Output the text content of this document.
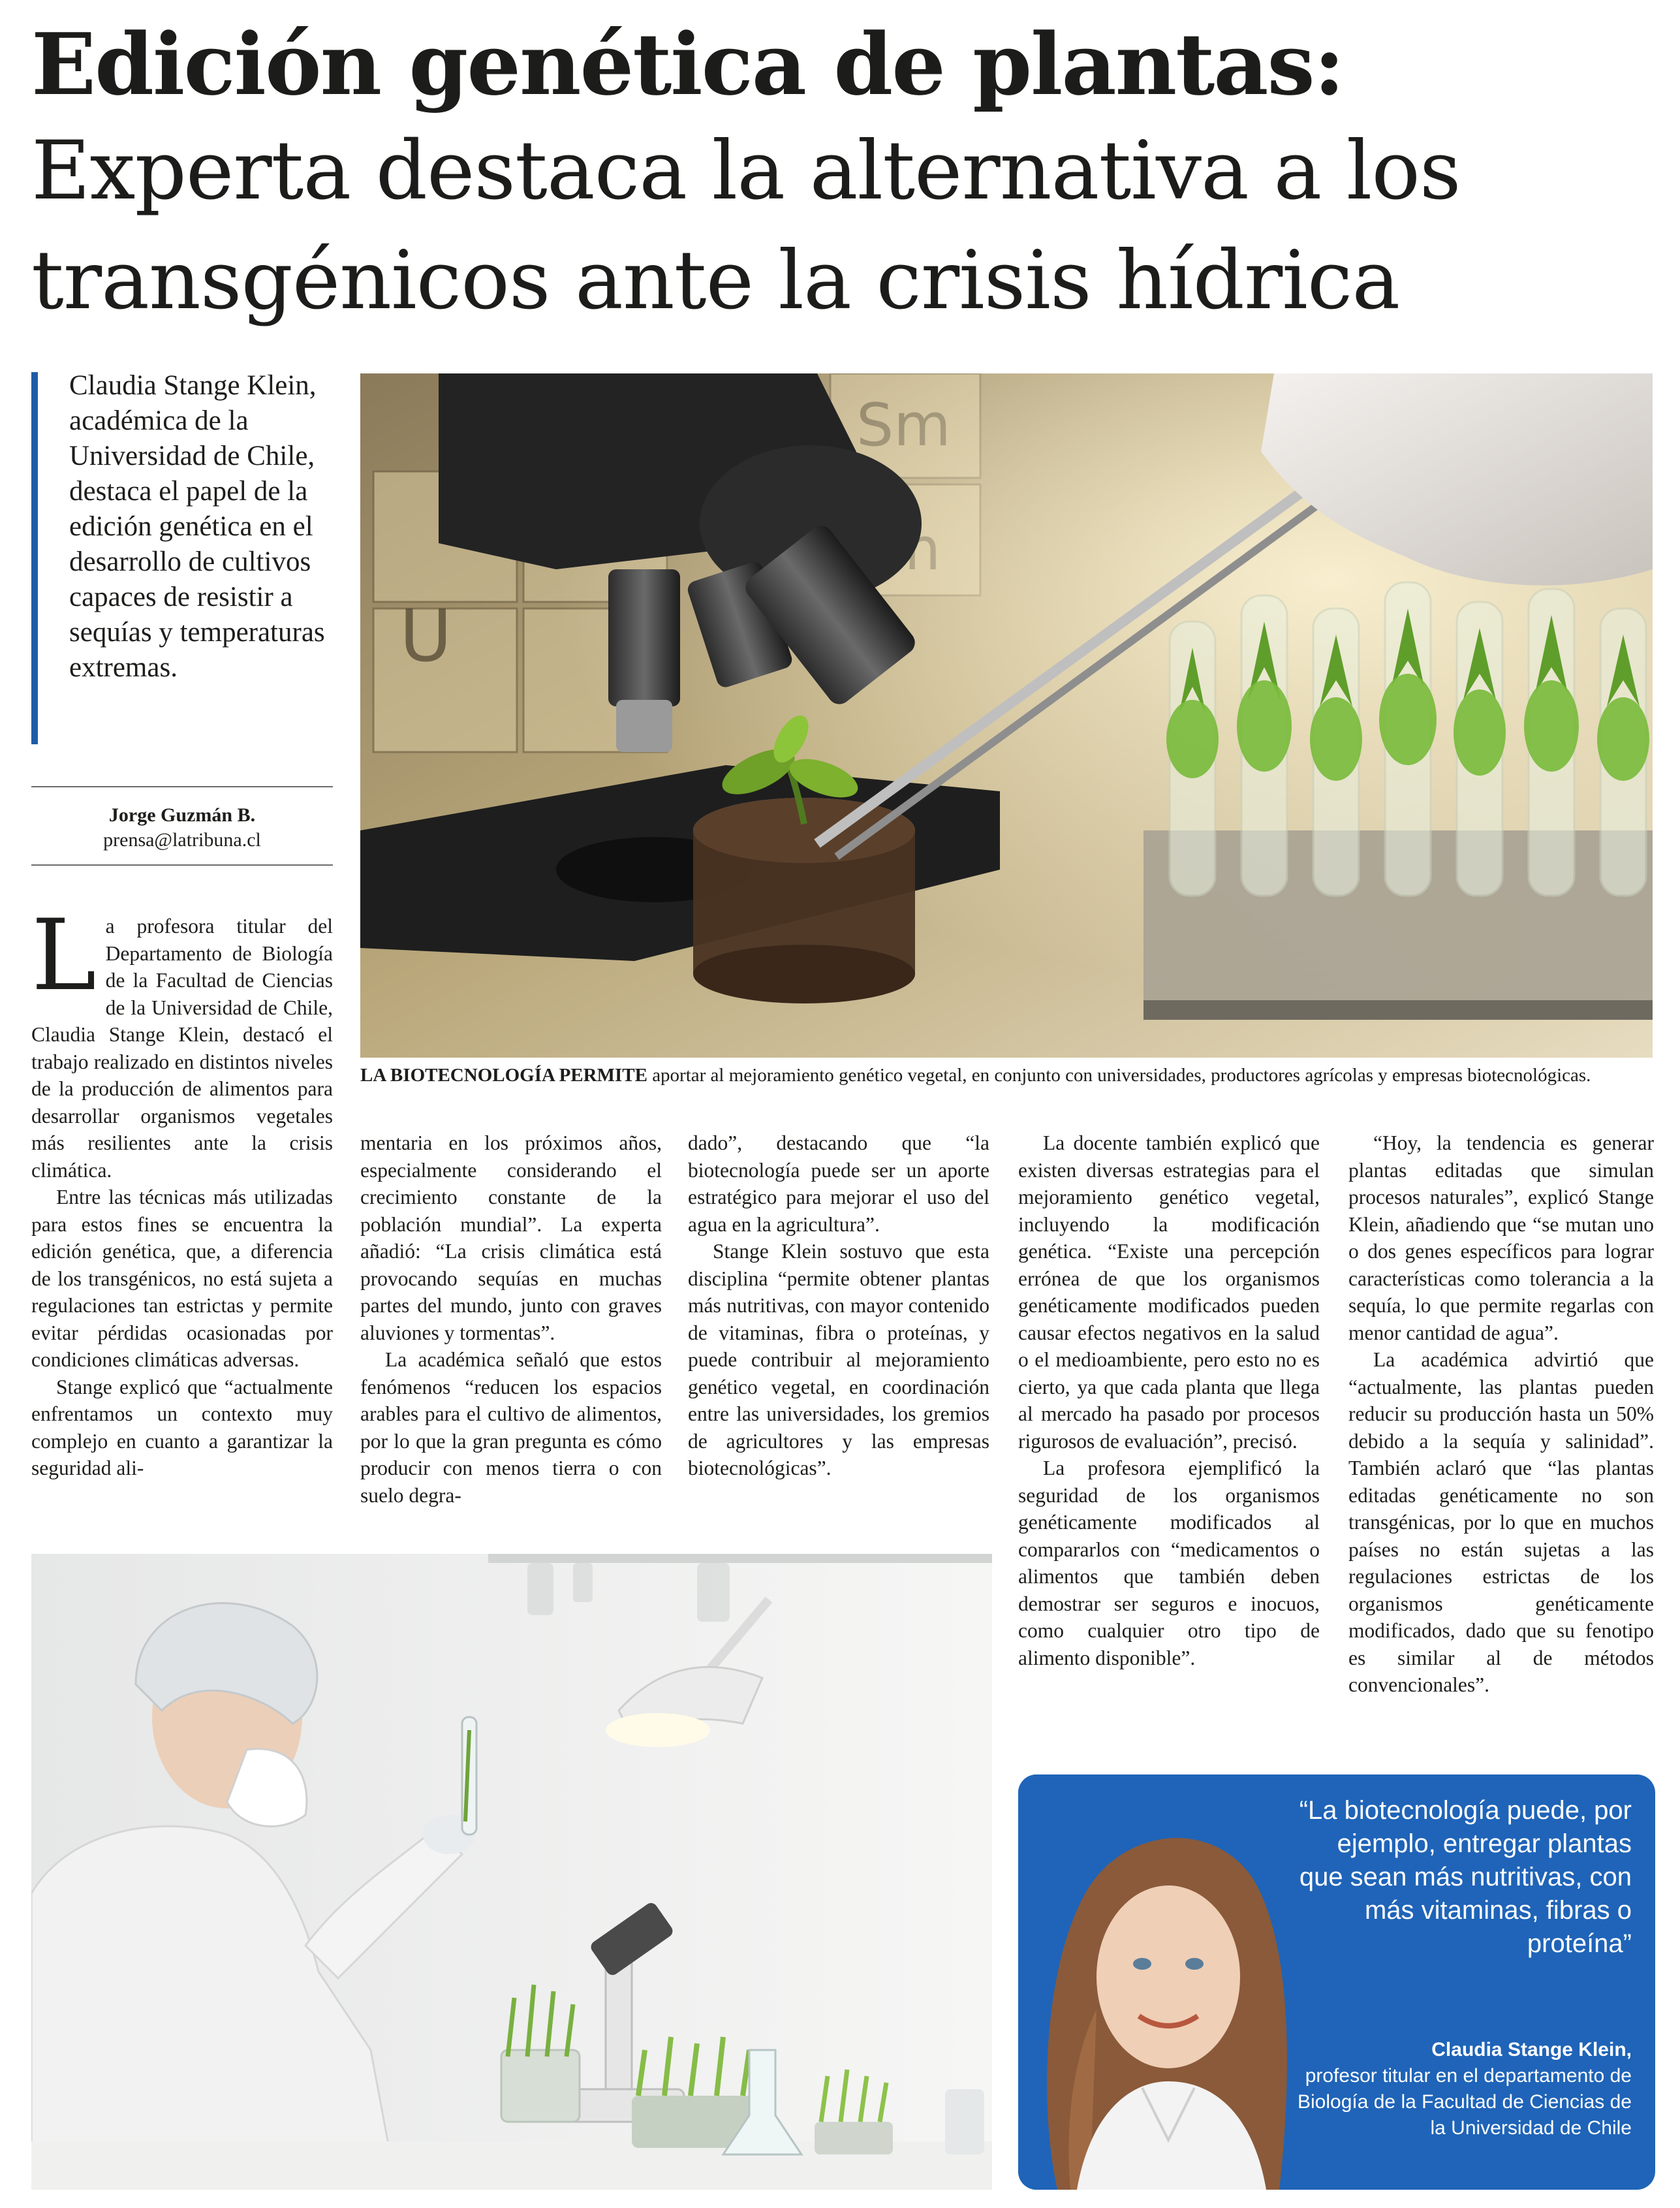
Edición genética de plantas:
Experta destaca la alternativa a los
transgénicos ante la crisis hídrica
Claudia Stange Klein, académica de la Universidad de Chile, destaca el papel de la edición genética en el desarrollo de cultivos capaces de resistir a sequías y temperaturas extremas.
Jorge Guzmán B.
prensa@latribuna.cl
LA BIOTECNOLOGÍA PERMITE aportar al mejoramiento genético vegetal, en conjunto con universidades, productores agrícolas y empresas biotecnológicas.

La profesora titular del Departamento de Biología de la Facultad de Ciencias de la Universidad de Chile, Claudia Stange Klein, destacó el trabajo realizado en distintos niveles de la producción de alimentos para desarrollar organismos vegetales más resilientes ante la crisis climática.

Entre las técnicas más utilizadas para estos fines se encuentra la edición genética, que, a diferencia de los transgénicos, no está sujeta a regulaciones tan estrictas y permite evitar pérdidas ocasionadas por condiciones climáticas adversas.

Stange explicó que “actualmente enfrentamos un contexto muy complejo en cuanto a garantizar la seguridad ali-

mentaria en los próximos años, especialmente considerando el crecimiento constante de la población mundial”. La experta añadió: “La crisis climática está provocando sequías en muchas partes del mundo, junto con graves aluviones y tormentas”.

La académica señaló que estos fenómenos “reducen los espacios arables para el cultivo de alimentos, por lo que la gran pregunta es cómo producir con menos tierra o con suelo degra-

dado”, destacando que “la biotecnología puede ser un aporte estratégico para mejorar el uso del agua en la agricultura”.

Stange Klein sostuvo que esta disciplina “permite obtener plantas más nutritivas, con mayor contenido de vitaminas, fibra o proteínas, y puede contribuir al mejoramiento genético vegetal, en coordinación entre las universidades, los gremios de agricultores y las empresas biotecnológicas”.

La docente también explicó que existen diversas estrategias para el mejoramiento genético vegetal, incluyendo la modificación genética. “Existe una percepción errónea de que los organismos genéticamente modificados pueden causar efectos negativos en la salud o el medioambiente, pero esto no es cierto, ya que cada planta que llega al mercado ha pasado por procesos rigurosos de evaluación”, precisó.

La profesora ejemplificó la seguridad de los organismos genéticamente modificados al compararlos con “medicamentos o alimentos que también deben demostrar ser seguros e inocuos, como cualquier otro tipo de alimento disponible”.

“Hoy, la tendencia es generar plantas editadas que simulan procesos naturales”, explicó Stange Klein, añadiendo que “se mutan uno o dos genes específicos para lograr características como tolerancia a la sequía, lo que permite regarlas con menor cantidad de agua”.

La académica advirtió que “actualmente, las plantas pueden reducir su producción hasta un 50% debido a la sequía y salinidad”. También aclaró que “las plantas editadas genéticamente no son transgénicas, por lo que en muchos países no están sujetas a las regulaciones estrictas de los organismos genéticamente modificados, dado que su fenotipo es similar al de métodos convencionales”.

“La biotecnología puede, por ejemplo, entregar plantas que sean más nutritivas, con más vitaminas, fibras o proteína”
Claudia Stange Klein,
profesor titular en el departamento de Biología de la Facultad de Ciencias de la Universidad de Chile
